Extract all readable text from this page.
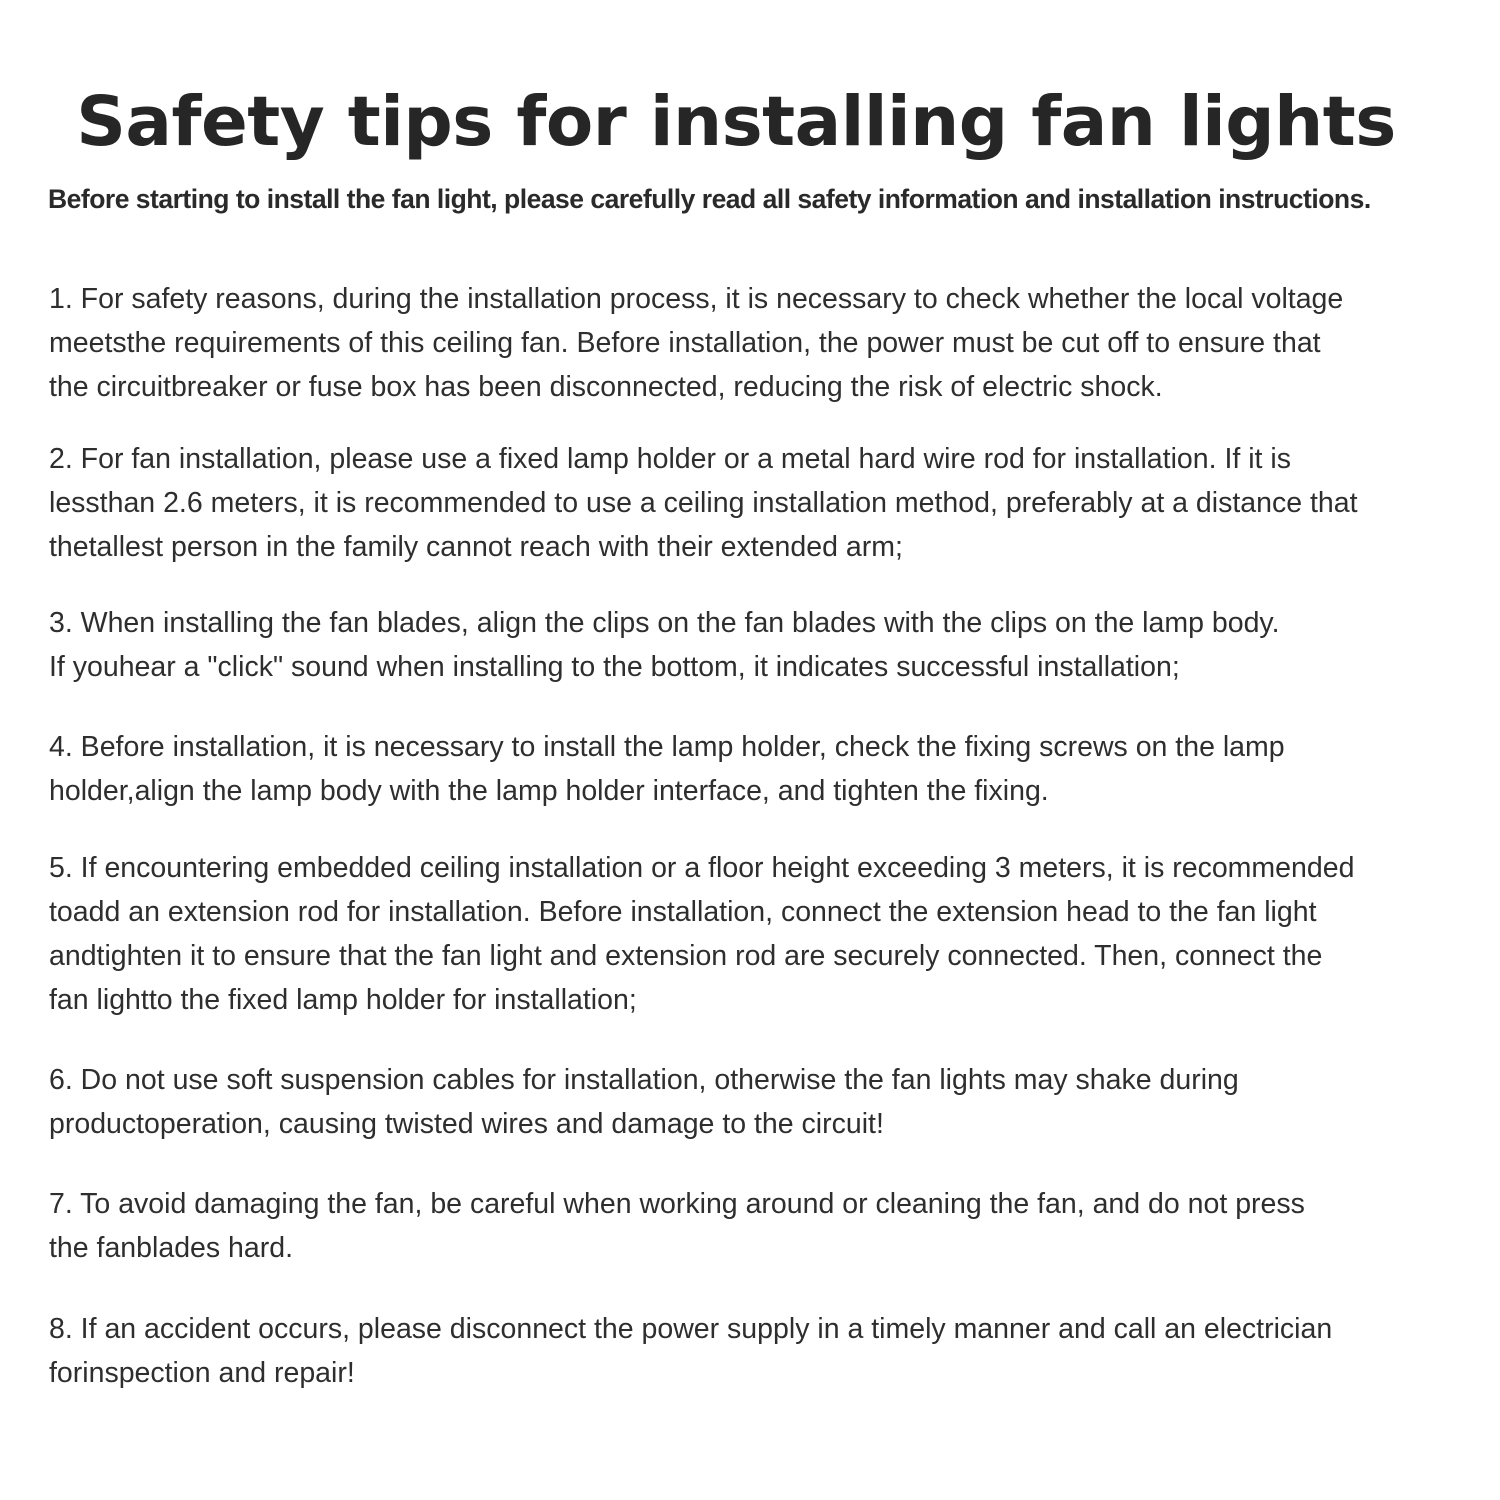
Safety tips for installing fan lights

Before starting to install the fan light, please carefully read all safety information and installation instructions.

1. For safety reasons, during the installation process, it is necessary to check whether the local voltage
meetsthe requirements of this ceiling fan. Before installation, the power must be cut off to ensure that
the circuitbreaker or fuse box has been disconnected, reducing the risk of electric shock.
2. For fan installation, please use a fixed lamp holder or a metal hard wire rod for installation. If it is
lessthan 2.6 meters, it is recommended to use a ceiling installation method, preferably at a distance that
thetallest person in the family cannot reach with their extended arm;
3. When installing the fan blades, align the clips on the fan blades with the clips on the lamp body.
If youhear a "click" sound when installing to the bottom, it indicates successful installation;
4. Before installation, it is necessary to install the lamp holder, check the fixing screws on the lamp
holder,align the lamp body with the lamp holder interface, and tighten the fixing.
5. If encountering embedded ceiling installation or a floor height exceeding 3 meters, it is recommended
toadd an extension rod for installation. Before installation, connect the extension head to the fan light
andtighten it to ensure that the fan light and extension rod are securely connected. Then, connect the
fan lightto the fixed lamp holder for installation;
6. Do not use soft suspension cables for installation, otherwise the fan lights may shake during
productoperation, causing twisted wires and damage to the circuit!
7. To avoid damaging the fan, be careful when working around or cleaning the fan, and do not press
the fanblades hard.
8. If an accident occurs, please disconnect the power supply in a timely manner and call an electrician
forinspection and repair!
